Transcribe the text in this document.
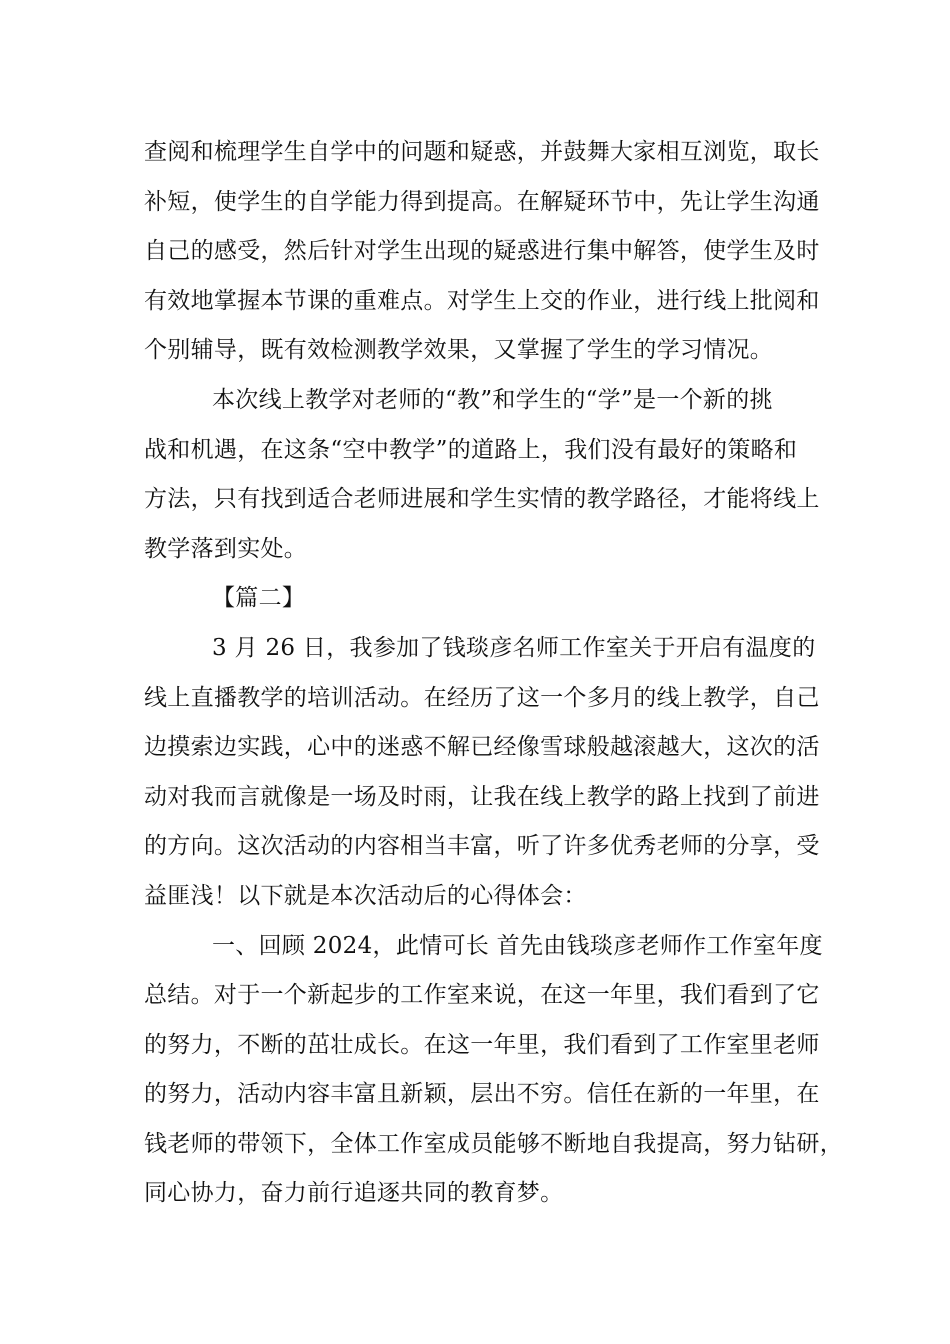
查阅和梳理学生自学中的问题和疑惑，并鼓舞大家相互浏览，取长
补短，使学生的自学能力得到提高。在解疑环节中，先让学生沟通
自己的感受，然后针对学生出现的疑惑进行集中解答，使学生及时
有效地掌握本节课的重难点。对学生上交的作业，进行线上批阅和
个别辅导，既有效检测教学效果，又掌握了学生的学习情况。
本次线上教学对老师的“教”和学生的“学”是一个新的挑
战和机遇，在这条“空中教学”的道路上，我们没有最好的策略和
方法，只有找到适合老师进展和学生实情的教学路径，才能将线上
教学落到实处。
【篇二】
3 月 26 日，我参加了钱琰彦名师工作室关于开启有温度的
线上直播教学的培训活动。在经历了这一个多月的线上教学，自己
边摸索边实践，心中的迷惑不解已经像雪球般越滚越大，这次的活
动对我而言就像是一场及时雨，让我在线上教学的路上找到了前进
的方向。这次活动的内容相当丰富，听了许多优秀老师的分享，受
益匪浅！以下就是本次活动后的心得体会：
一、回顾 2024，此情可长 首先由钱琰彦老师作工作室年度
总结。对于一个新起步的工作室来说，在这一年里，我们看到了它
的努力，不断的茁壮成长。在这一年里，我们看到了工作室里老师
的努力，活动内容丰富且新颖，层出不穷。信任在新的一年里，在
钱老师的带领下，全体工作室成员能够不断地自我提高，努力钻研，
同心协力，奋力前行追逐共同的教育梦。
